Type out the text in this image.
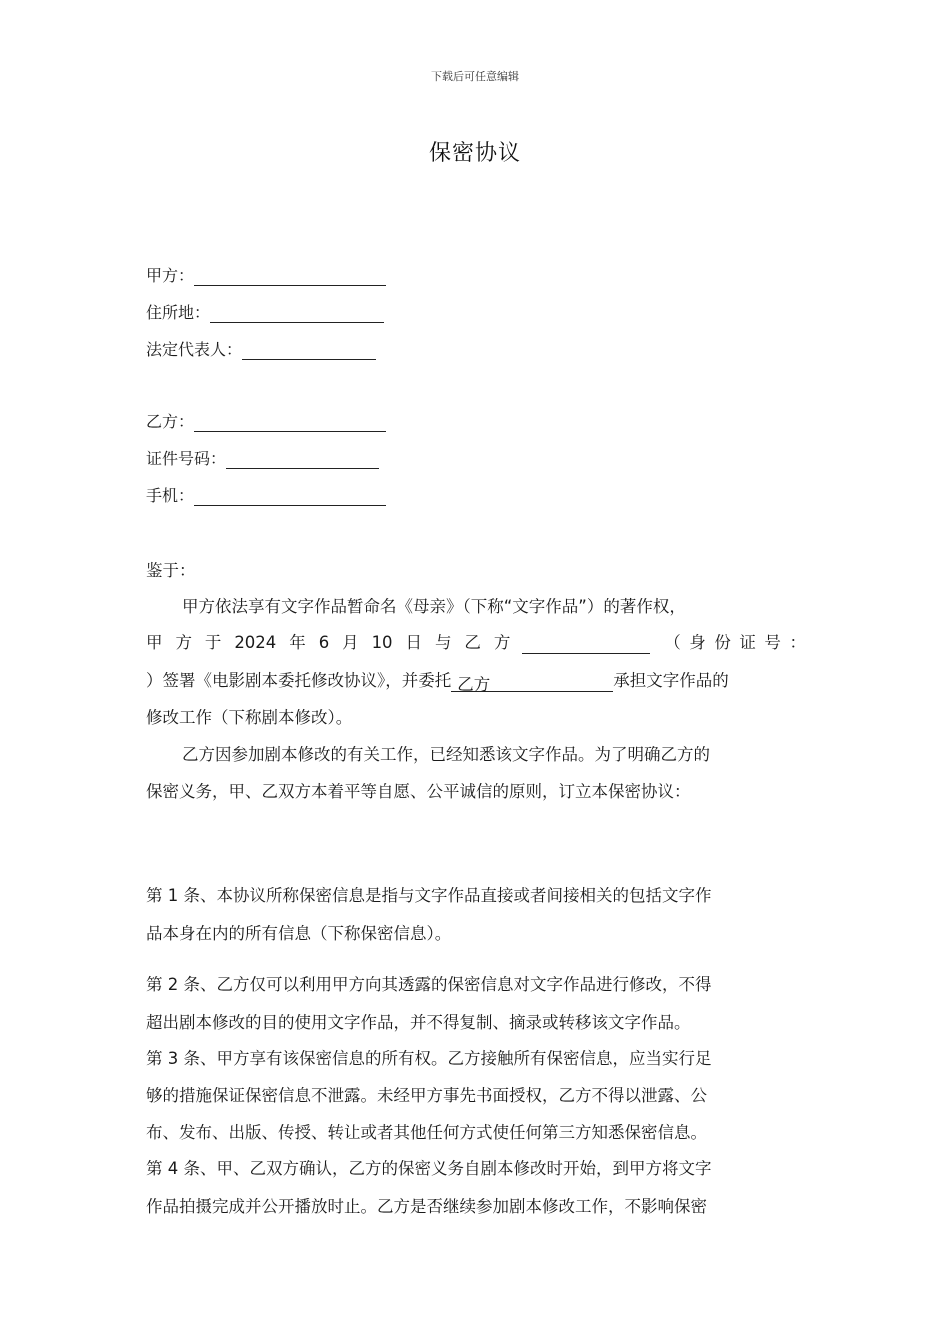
下载后可任意编辑
保密协议
甲方：
住所地：
法定代表人：
乙方：
证件号码：
手机：
鉴于：
甲方依法享有文字作品暂命名《母亲》（下称“文字作品”）的著作权，
甲 方 于 2024 年 6 月 10 日 与 乙 方	（ 身 份 证 号 ：
）签署《电影剧本委托修改协议》，并委托 乙方	承担文字作品的
修改工作（下称剧本修改）。
乙方因参加剧本修改的有关工作，已经知悉该文字作品。为了明确乙方的
保密义务，甲、乙双方本着平等自愿、公平诚信的原则，订立本保密协议：
第 1 条、本协议所称保密信息是指与文字作品直接或者间接相关的包括文字作
品本身在内的所有信息（下称保密信息）。
第 2 条、乙方仅可以利用甲方向其透露的保密信息对文字作品进行修改，不得
超出剧本修改的目的使用文字作品，并不得复制、摘录或转移该文字作品。
第 3 条、甲方享有该保密信息的所有权。乙方接触所有保密信息，应当实行足
够的措施保证保密信息不泄露。未经甲方事先书面授权，乙方不得以泄露、公
布、发布、出版、传授、转让或者其他任何方式使任何第三方知悉保密信息。
第 4 条、甲、乙双方确认，乙方的保密义务自剧本修改时开始，到甲方将文字
作品拍摄完成并公开播放时止。乙方是否继续参加剧本修改工作，不影响保密
